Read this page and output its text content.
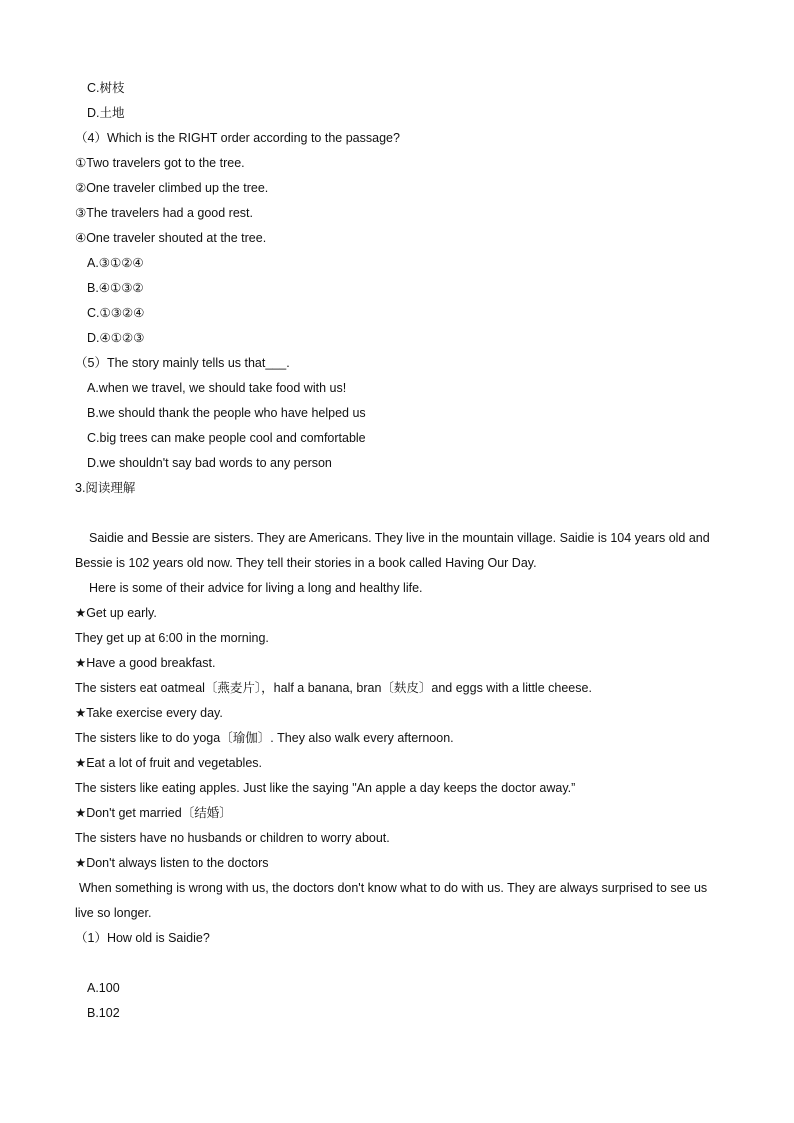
C.树枝
D.土地
（4）Which is the RIGHT order according to the passage?
①Two travelers got to the tree.
②One traveler climbed up the tree.
③The travelers had a good rest.
④One traveler shouted at the tree.
A.③①②④
B.④①③②
C.①③②④
D.④①②③
（5）The story mainly tells us that___.
A.when we travel, we should take food with us!
B.we should thank the people who have helped us
C.big trees can make people cool and comfortable
D.we shouldn't say bad words to any person
3.阅读理解
Saidie and Bessie are sisters. They are Americans. They live in the mountain village. Saidie is 104 years old and Bessie is 102 years old now. They tell their stories in a book called Having Our Day.
Here is some of their advice for living a long and healthy life.
★Get up early.
They get up at 6:00 in the morning.
★Have a good breakfast.
The sisters eat oatmeal〔燕麦片〕，half a banana, bran〔麸皮〕and eggs with a little cheese.
★Take exercise every day.
The sisters like to do yoga〔瑜伽〕. They also walk every afternoon.
★Eat a lot of fruit and vegetables.
The sisters like eating apples. Just like the saying "An apple a day keeps the doctor away.”
★Don't get married〔结婚〕
The sisters have no husbands or children to worry about.
★Don't always listen to the doctors
When something is wrong with us, the doctors don't know what to do with us. They are always surprised to see us live so longer.
（1）How old is Saidie?
A.100
B.102
